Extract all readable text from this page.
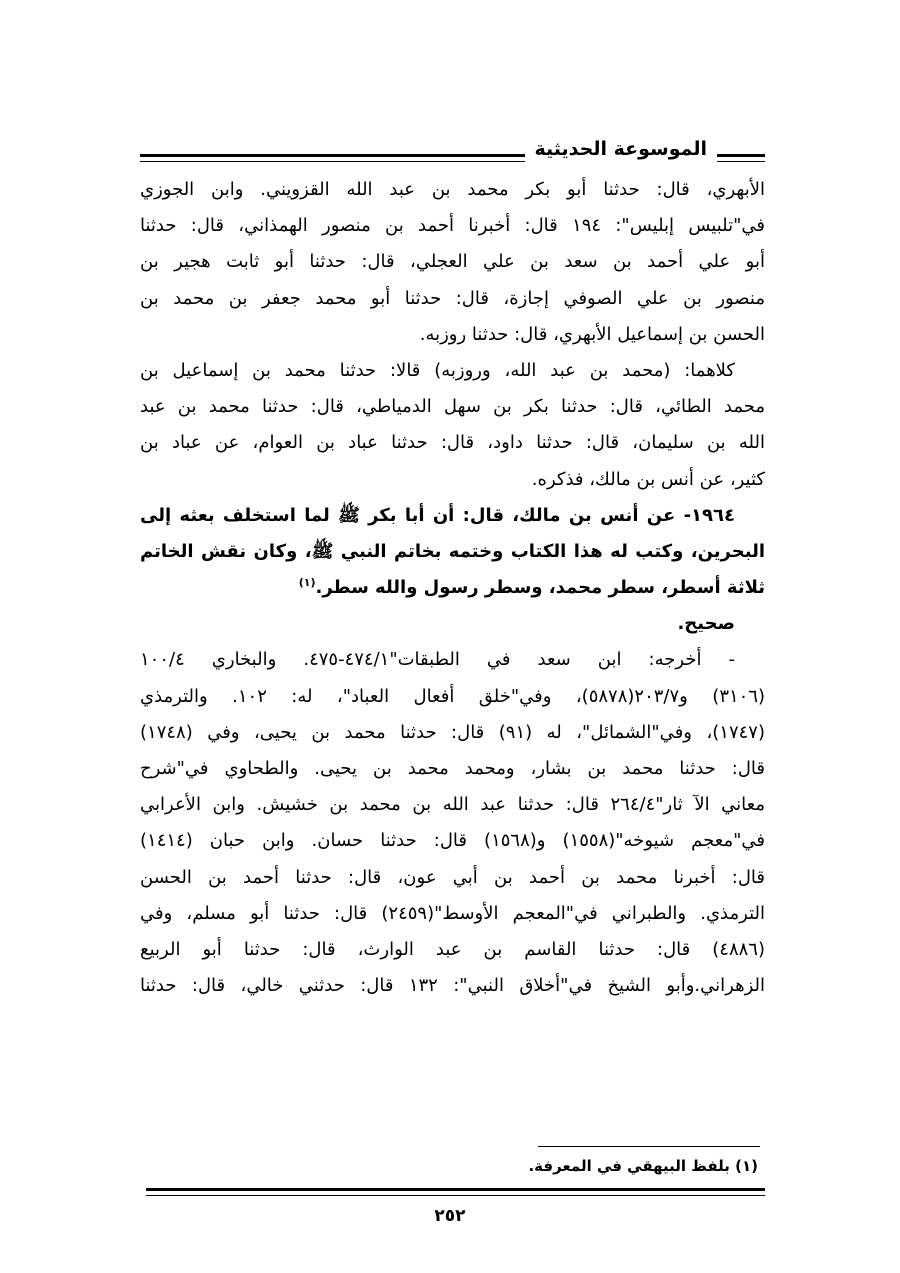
الموسوعة الحديثية
الأبهري، قال: حدثنا أبو بكر محمد بن عبد الله القزويني. وابن الجوزي
في"تلبيس إبليس": ١٩٤ قال: أخبرنا أحمد بن منصور الهمذاني، قال: حدثنا
أبو علي أحمد بن سعد بن علي العجلي، قال: حدثنا أبو ثابت هجير بن
منصور بن علي الصوفي إجازة، قال: حدثنا أبو محمد جعفر بن محمد بن
الحسن بن إسماعيل الأبهري، قال: حدثنا روزبه.
كلاهما: (محمد بن عبد الله، وروزبه) قالا: حدثنا محمد بن إسماعيل بن
محمد الطائي، قال: حدثنا بكر بن سهل الدمياطي، قال: حدثنا محمد بن عبد
الله بن سليمان، قال: حدثنا داود، قال: حدثنا عباد بن العوام، عن عباد بن
كثير، عن أنس بن مالك، فذكره.
١٩٦٤- عن أنس بن مالك، قال: أن أبا بكر ﷺ لما استخلف بعثه إلى
البحرين، وكتب له هذا الكتاب وختمه بخاتم النبي ﷺ، وكان نقش الخاتم
ثلاثة أسطر، سطر محمد، وسطر رسول والله سطر.$^{(١)}$
صحيح.
- أخرجه: ابن سعد في الطبقات"٤٧٤/١-٤٧٥. والبخاري ١٠٠/٤
(٣١٠٦) و٢٠٣/٧(٥٨٧٨)، وفي"خلق أفعال العباد"، له: ١٠٢. والترمذي
(١٧٤٧)، وفي"الشمائل"، له (٩١) قال: حدثنا محمد بن يحيى، وفي (١٧٤٨)
قال: حدثنا محمد بن بشار، ومحمد محمد بن يحيى. والطحاوي في"شرح
معاني الآ ثار"٢٦٤/٤ قال: حدثنا عبد الله بن محمد بن خشيش. وابن الأعرابي
في"معجم شيوخه"(١٥٥٨) و(١٥٦٨) قال: حدثنا حسان. وابن حبان (١٤١٤)
قال: أخبرنا محمد بن أحمد بن أبي عون، قال: حدثنا أحمد بن الحسن
الترمذي. والطبراني في"المعجم الأوسط"(٢٤٥٩) قال: حدثنا أبو مسلم، وفي
(٤٨٨٦) قال: حدثنا القاسم بن عبد الوارث، قال: حدثنا أبو الربيع
الزهراني.وأبو الشيخ في"أخلاق النبي": ١٣٢ قال: حدثني خالي، قال: حدثنا
(١) بلفظ البيهقي في المعرفة.
٢٥٢
